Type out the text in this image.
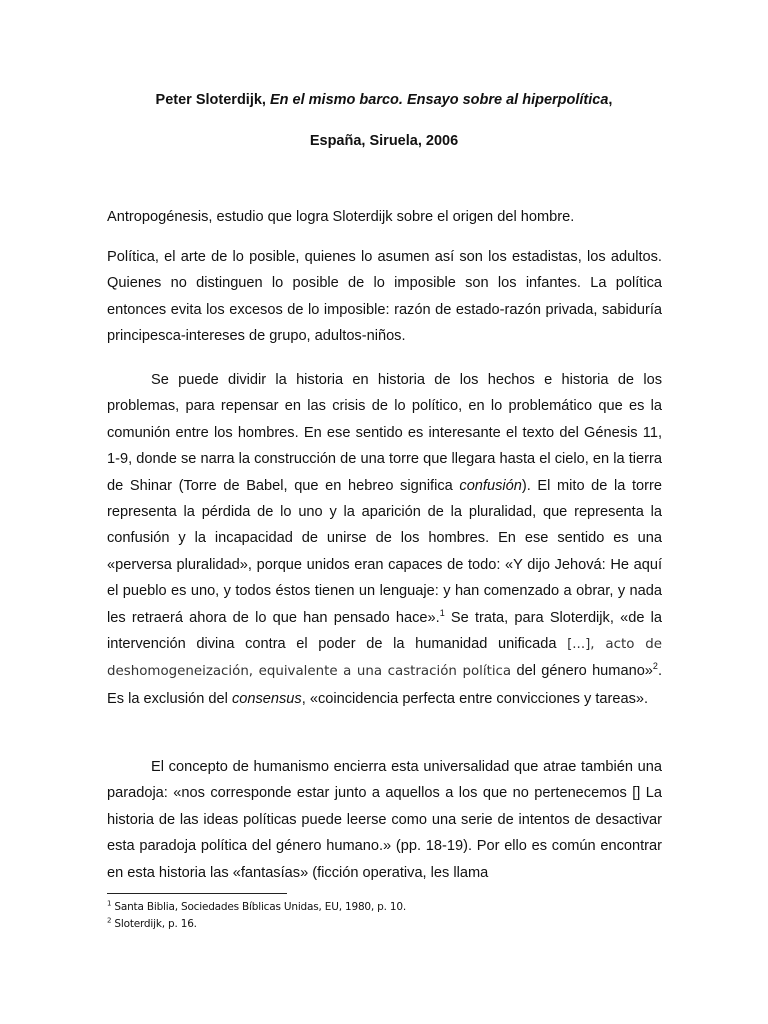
Peter Sloterdijk, En el mismo barco. Ensayo sobre al hiperpolítica,
España, Siruela, 2006

Antropogénesis, estudio que logra Sloterdijk sobre el origen del hombre.

Política, el arte de lo posible, quienes lo asumen así son los estadistas, los adultos. Quienes no distinguen lo posible de lo imposible son los infantes. La política entonces evita los excesos de lo imposible: razón de estado-razón privada, sabiduría principesca-intereses de grupo, adultos-niños.

Se puede dividir la historia en historia de los hechos e historia de los problemas, para repensar en las crisis de lo político, en lo problemático que es la comunión entre los hombres. En ese sentido es interesante el texto del Génesis 11, 1-9, donde se narra la construcción de una torre que llegara hasta el cielo, en la tierra de Shinar (Torre de Babel, que en hebreo significa confusión). El mito de la torre representa la pérdida de lo uno y la aparición de la pluralidad, que representa la confusión y la incapacidad de unirse de los hombres. En ese sentido es una «perversa pluralidad», porque unidos eran capaces de todo: «Y dijo Jehová: He aquí el pueblo es uno, y todos éstos tienen un lenguaje: y han comenzado a obrar, y nada les retraerá ahora de lo que han pensado hace».$^1$ Se trata, para Sloterdijk, «de la intervención divina contra el poder de la humanidad unificada [...], acto de deshomogeneización, equivalente a una castración política del género humano»$^2$. Es la exclusión del consensus, «coincidencia perfecta entre convicciones y tareas».

El concepto de humanismo encierra esta universalidad que atrae también una paradoja: «nos corresponde estar junto a aquellos a los que no pertenecemos [] La historia de las ideas políticas puede leerse como una serie de intentos de desactivar esta paradoja política del género humano.» (pp. 18-19). Por ello es común encontrar en esta historia las «fantasías» (ficción operativa, les llama

$^1$ Santa Biblia, Sociedades Bíblicas Unidas, EU, 1980, p. 10.
$^2$ Sloterdijk, p. 16.
